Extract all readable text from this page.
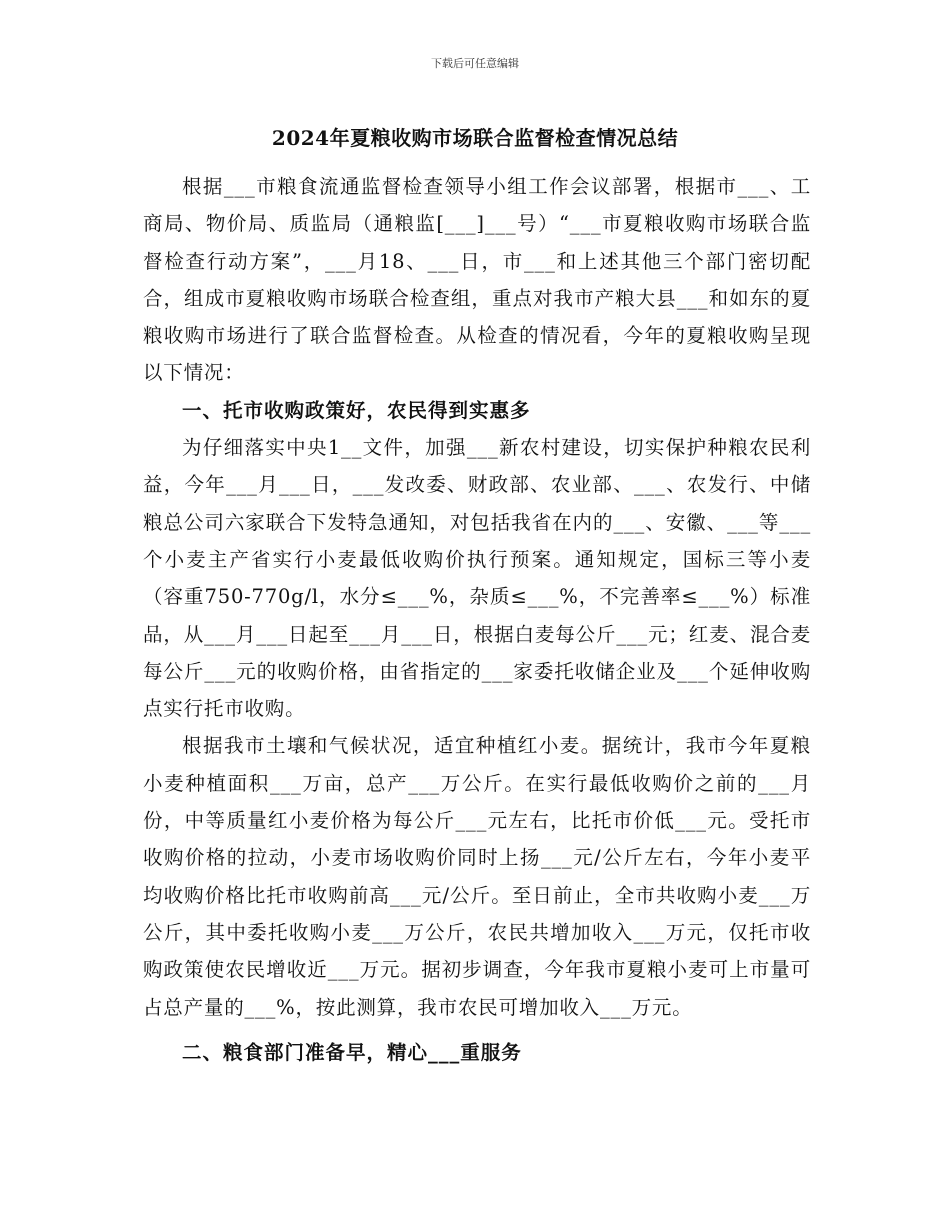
下载后可任意编辑
2024年夏粮收购市场联合监督检查情况总结

根据___市粮食流通监督检查领导小组工作会议部署，根据市___、工商局、物价局、质监局（通粮监[___]___号）“___市夏粮收购市场联合监督检查行动方案”，___月18、___日，市___和上述其他三个部门密切配合，组成市夏粮收购市场联合检查组，重点对我市产粮大县___和如东的夏粮收购市场进行了联合监督检查。从检查的情况看，今年的夏粮收购呈现以下情况：

一、托市收购政策好，农民得到实惠多

为仔细落实中央1__文件，加强___新农村建设，切实保护种粮农民利益，今年___月___日，___发改委、财政部、农业部、___、农发行、中储粮总公司六家联合下发特急通知，对包括我省在内的___、安徽、___等___个小麦主产省实行小麦最低收购价执行预案。通知规定，国标三等小麦（容重750-770g/l，水分≤___%，杂质≤___%，不完善率≤___%）标准品，从___月___日起至___月___日，根据白麦每公斤___元；红麦、混合麦每公斤___元的收购价格，由省指定的___家委托收储企业及___个延伸收购点实行托市收购。

根据我市土壤和气候状况，适宜种植红小麦。据统计，我市今年夏粮小麦种植面积___万亩，总产___万公斤。在实行最低收购价之前的___月份，中等质量红小麦价格为每公斤___元左右，比托市价低___元。受托市收购价格的拉动，小麦市场收购价同时上扬___元/公斤左右，今年小麦平均收购价格比托市收购前高___元/公斤。至日前止，全市共收购小麦___万公斤，其中委托收购小麦___万公斤，农民共增加收入___万元，仅托市收购政策使农民增收近___万元。据初步调查，今年我市夏粮小麦可上市量可占总产量的___%，按此测算，我市农民可增加收入___万元。

二、粮食部门准备早，精心___重服务
